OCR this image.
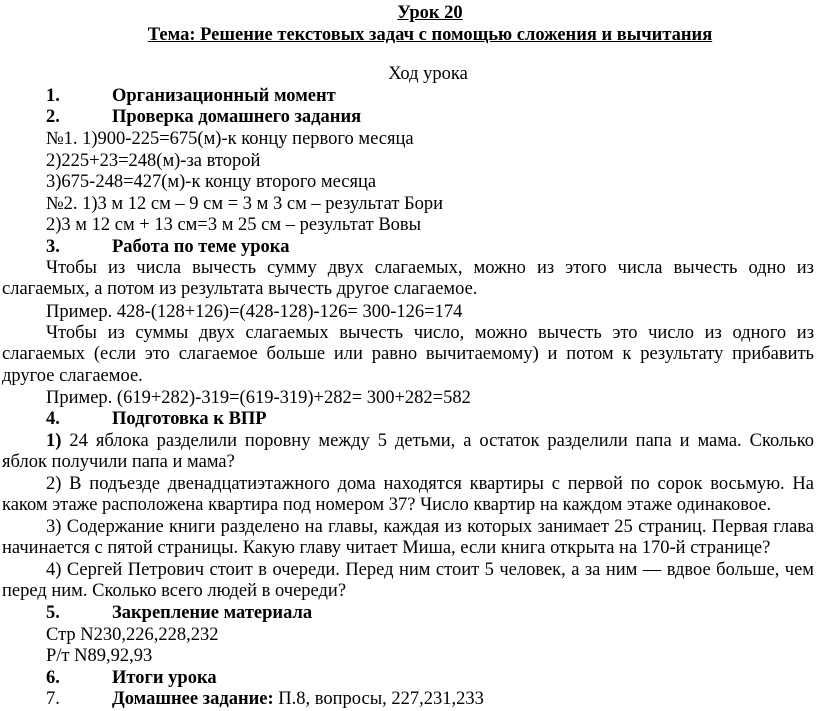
Урок 20
Тема: Решение текстовых задач с помощью сложения и вычитания
Ход урока
1.	Организационный момент
2.	Проверка домашнего задания
№1. 1)900-225=675(м)-к концу первого месяца
2)225+23=248(м)-за второй
3)675-248=427(м)-к концу второго месяца
№2. 1)3 м 12 см – 9 см = 3 м 3 см – результат Бори
2)3 м 12 см + 13 см=3 м 25 см – результат Вовы
3.	Работа по теме урока
Чтобы из числа вычесть сумму двух слагаемых, можно из этого числа вычесть одно из слагаемых, а потом из результата вычесть другое слагаемое.
Пример. 428-(128+126)=(428-128)-126= 300-126=174
Чтобы из суммы двух слагаемых вычесть число, можно вычесть это число из одного из слагаемых (если это слагаемое больше или равно вычитаемому) и потом к результату прибавить другое слагаемое.
Пример. (619+282)-319=(619-319)+282= 300+282=582
4.	Подготовка к ВПР
1) 24 яблока разделили поровну между 5 детьми, а остаток разделили папа и мама. Сколько яблок получили папа и мама?
2) В подъезде двенадцатиэтажного дома находятся квартиры с первой по сорок восьмую. На каком этаже расположена квартира под номером 37? Число квартир на каждом этаже одинаковое.
3) Содержание книги разделено на главы, каждая из которых занимает 25 страниц. Первая глава начинается с пятой страницы. Какую главу читает Миша, если книга открыта на 170-й странице?
4) Сергей Петрович стоит в очереди. Перед ним стоит 5 человек, а за ним — вдвое больше, чем перед ним. Сколько всего людей в очереди?
5.	Закрепление материала
Стр N230,226,228,232
Р/т N89,92,93
6.	Итоги урока
7.	Домашнее задание: П.8, вопросы, 227,231,233
